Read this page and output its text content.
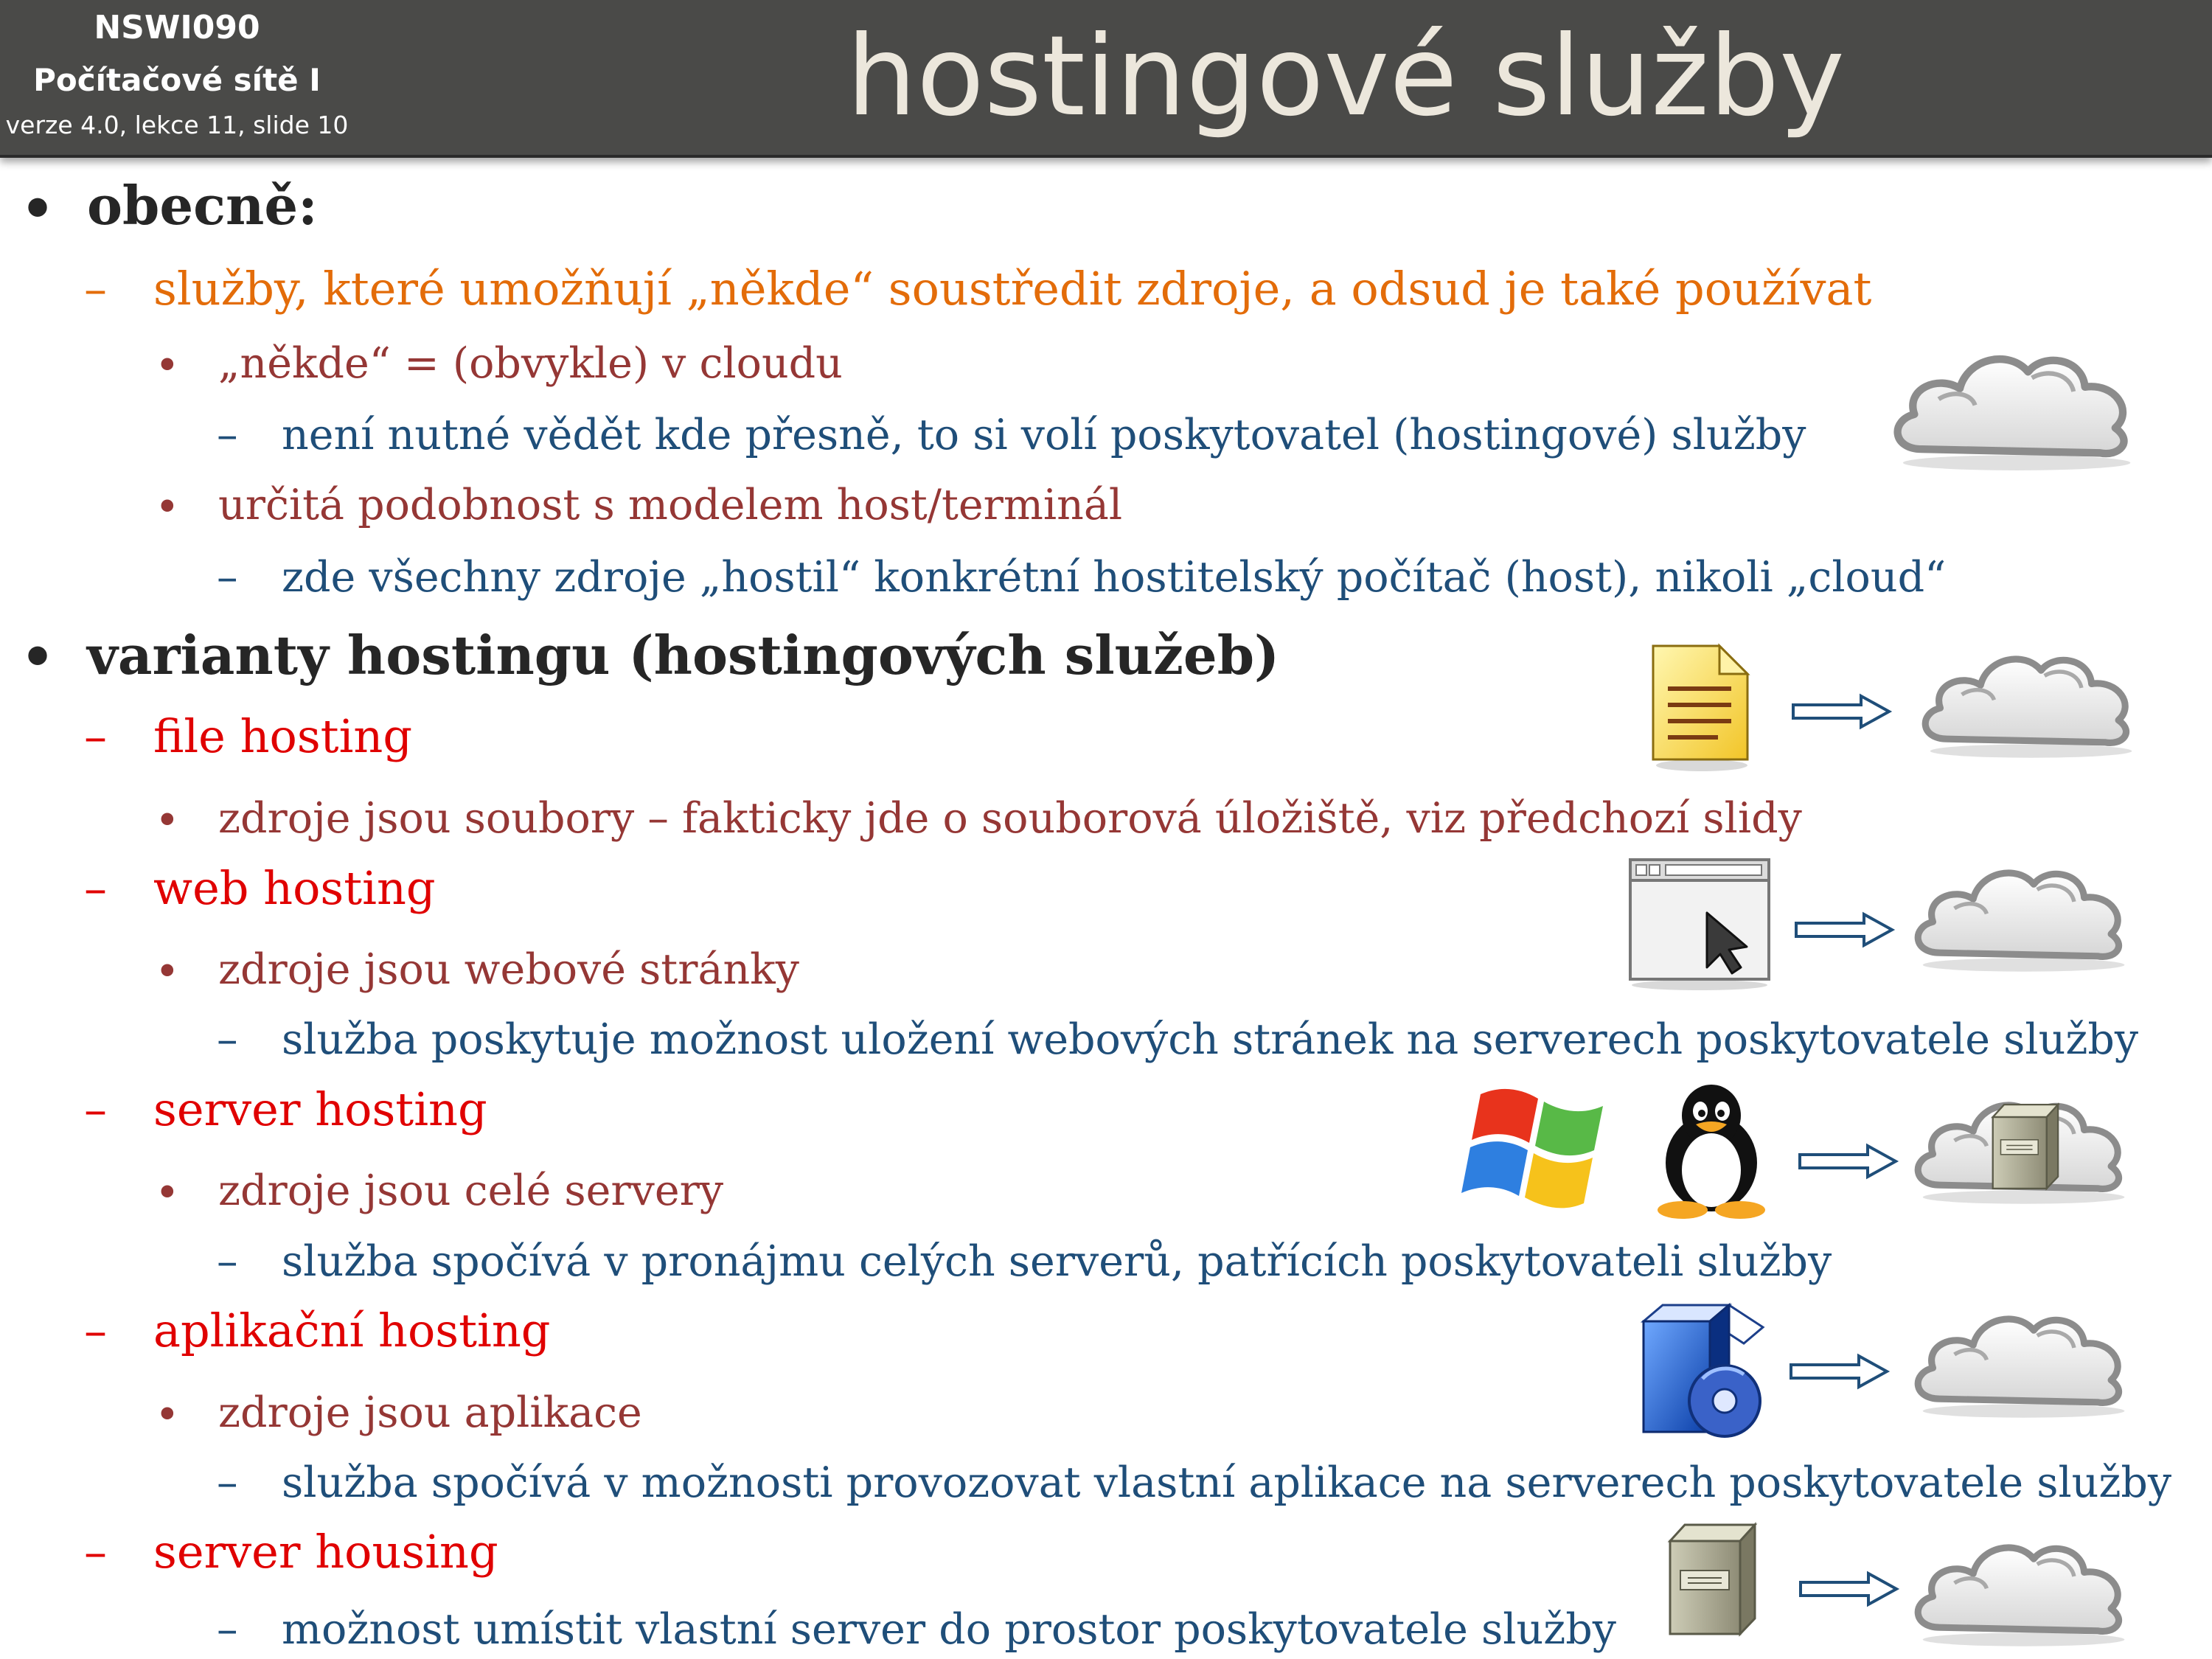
NSWI090
Počítačové sítě I
verze 4.0, lekce 11, slide 10	hostingové služby
• obecně:
– služby, které umožňují „někde“ soustředit zdroje, a odsud je také používat
• „někde“ = (obvykle) v cloudu
– není nutné vědět kde přesně, to si volí poskytovatel (hostingové) služby
• určitá podobnost s modelem host/terminál
– zde všechny zdroje „hostil“ konkrétní hostitelský počítač (host), nikoli „cloud“
• varianty hostingu (hostingových služeb)
– file hosting
• zdroje jsou soubory – fakticky jde o souborová úložiště, viz předchozí slidy
– web hosting
• zdroje jsou webové stránky
– služba poskytuje možnost uložení webových stránek na serverech poskytovatele služby
– server hosting
• zdroje jsou celé servery
– služba spočívá v pronájmu celých serverů, patřících poskytovateli služby
– aplikační hosting
• zdroje jsou aplikace
– služba spočívá v možnosti provozovat vlastní aplikace na serverech poskytovatele služby
– server housing
– možnost umístit vlastní server do prostor poskytovatele služby
